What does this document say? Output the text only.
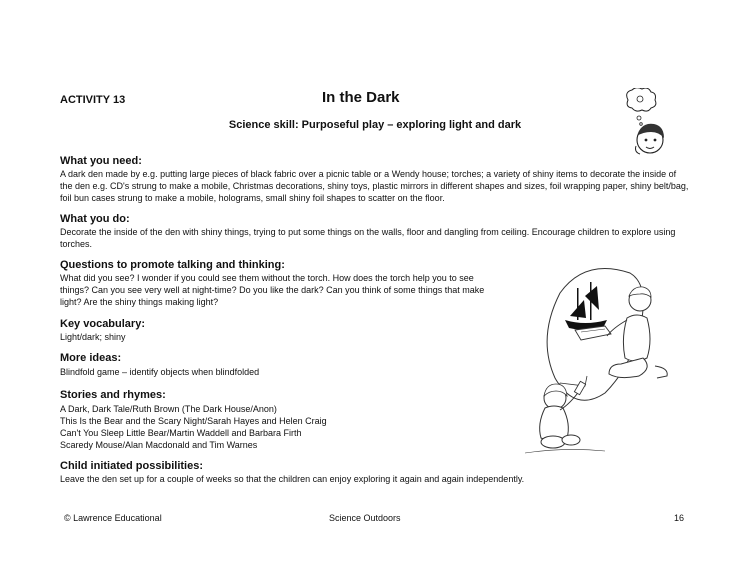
ACTIVITY 13	In the Dark
Science skill: Purposeful play – exploring light and dark
What you need:
A dark den made by e.g. putting large pieces of black fabric over a picnic table or a Wendy house; torches; a variety of shiny items to decorate the inside of the den e.g. CD's strung to make a mobile, Christmas decorations, shiny toys, plastic mirrors in different shapes and sizes, foil wrapping paper, shiny belt/bag, foil bun cases strung to make a mobile, holograms, small shiny foil shapes to scatter on the floor.
What you do:
Decorate the inside of the den with shiny things, trying to put some things on the walls, floor and dangling from ceiling. Encourage children to explore using torches.
Questions to promote talking and thinking:
What did you see? I wonder if you could see them without the torch. How does the torch help you to see things? Can you see very well at night-time? Do you like the dark? Can you think of some things that make light? Are the shiny things making light?
Key vocabulary:
Light/dark; shiny
More ideas:
Blindfold game – identify objects when blindfolded
Stories and rhymes:
A Dark, Dark Tale/Ruth Brown (The Dark House/Anon)
This Is the Bear and the Scary Night/Sarah Hayes and Helen Craig
Can't You Sleep Little Bear/Martin Waddell and Barbara Firth
Scaredy Mouse/Alan Macdonald and Tim Warnes
Child initiated possibilities:
Leave the den set up for a couple of weeks so that the children can enjoy exploring it again and again independently.
© Lawrence Educational	Science Outdoors	16
